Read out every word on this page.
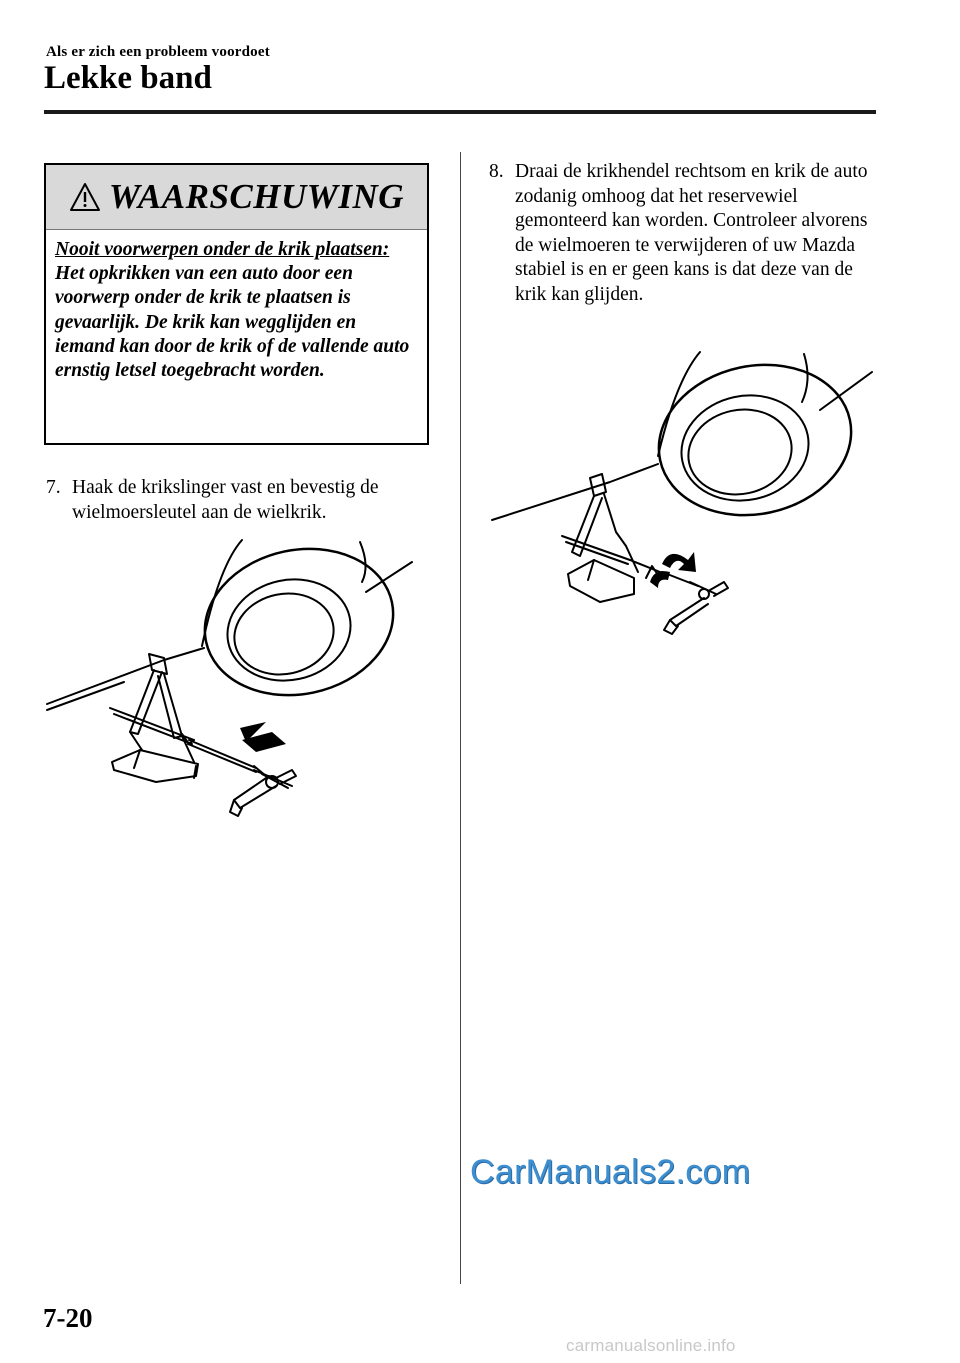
Als er zich een probleem voordoet
Lekke band
WAARSCHUWING
Nooit voorwerpen onder de krik plaatsen:
Het opkrikken van een auto door een voorwerp onder de krik te plaatsen is gevaarlijk. De krik kan wegglijden en iemand kan door de krik of de vallende auto ernstig letsel toegebracht worden.
7. Haak de krikslinger vast en bevestig de wielmoersleutel aan de wielkrik.
8. Draai de krikhendel rechtsom en krik de auto zodanig omhoog dat het reservewiel gemonteerd kan worden. Controleer alvorens de wielmoeren te verwijderen of uw Mazda stabiel is en er geen kans is dat deze van de krik kan glijden.
CarManuals2.com
7-20
carmanualsonline.info
